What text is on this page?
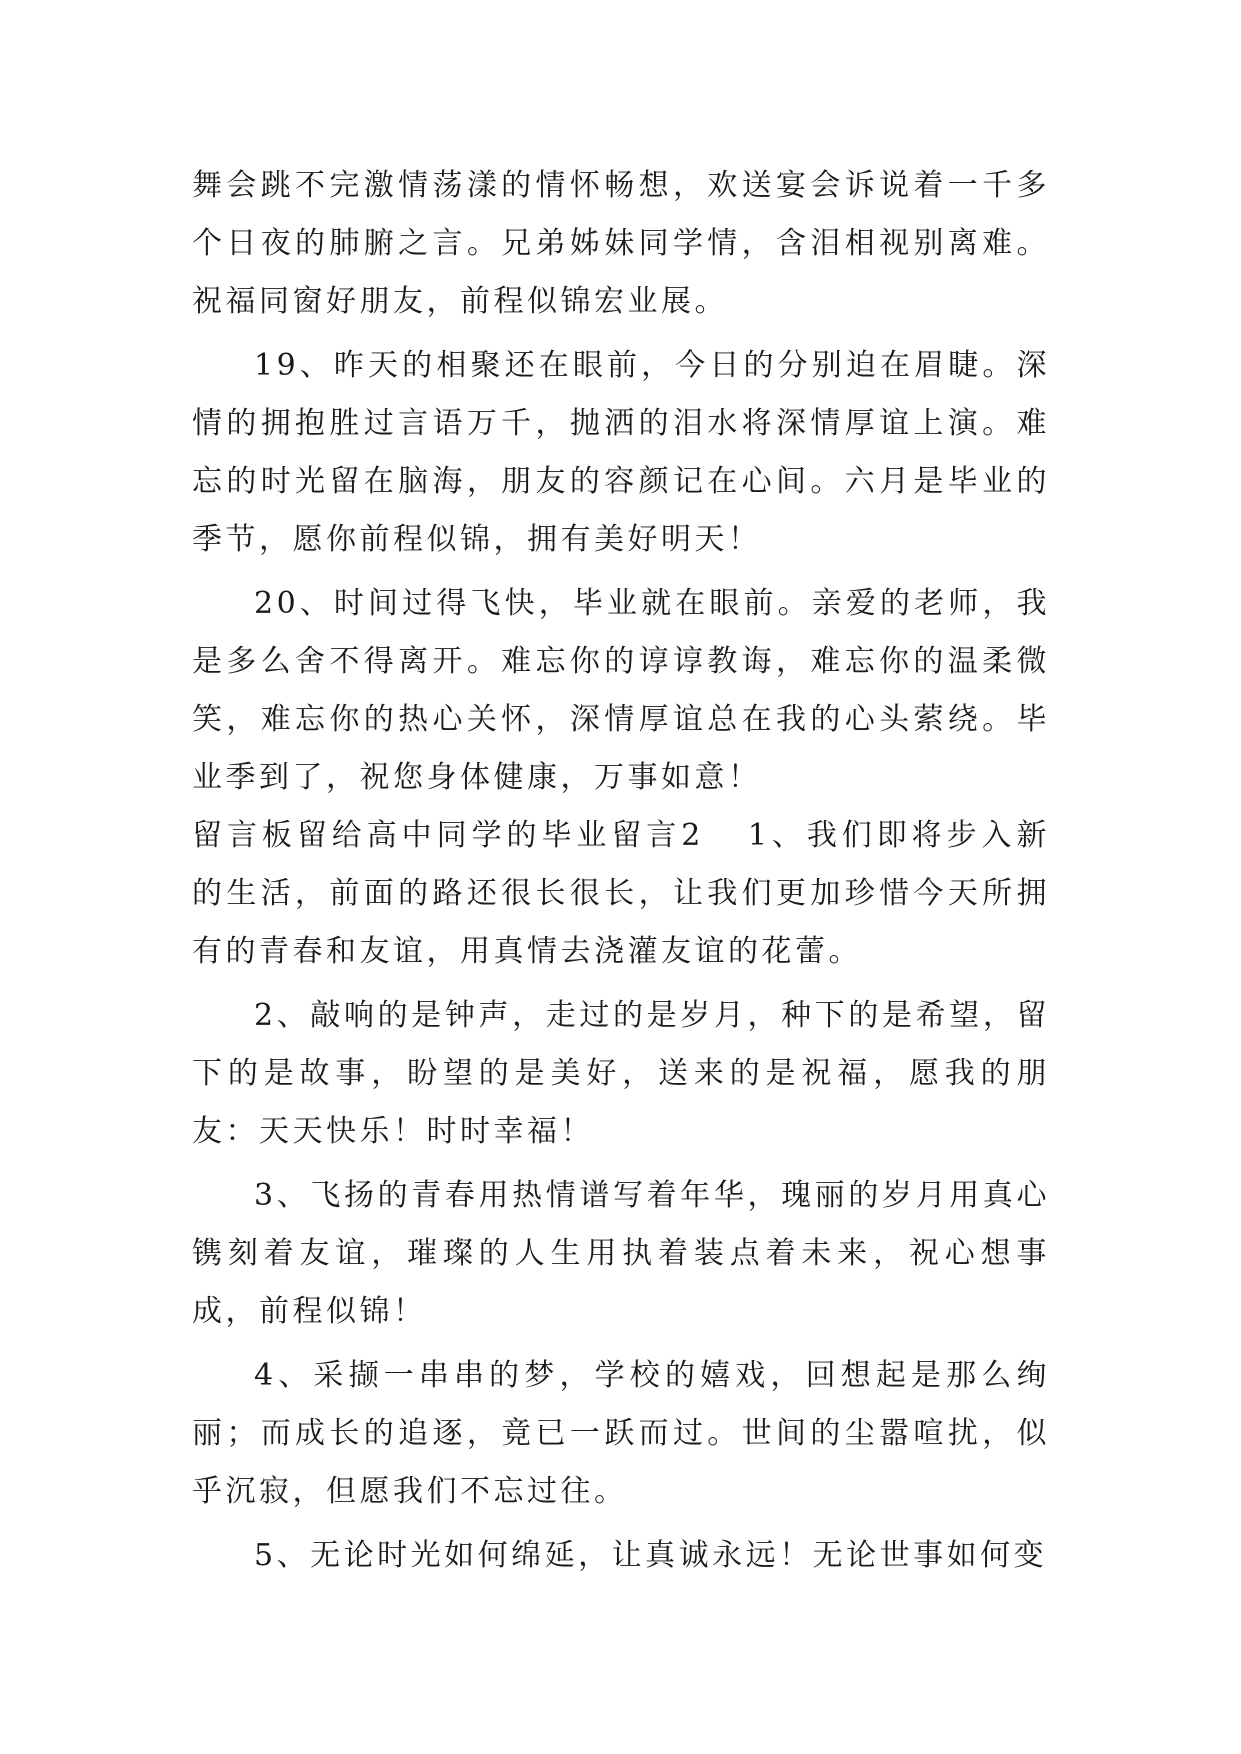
舞会跳不完激情荡漾的情怀畅想，欢送宴会诉说着一千多个日夜的肺腑之言。兄弟姊妹同学情，含泪相视别离难。祝福同窗好朋友，前程似锦宏业展。

19、昨天的相聚还在眼前，今日的分别迫在眉睫。深情的拥抱胜过言语万千，抛洒的泪水将深情厚谊上演。难忘的时光留在脑海，朋友的容颜记在心间。六月是毕业的季节，愿你前程似锦，拥有美好明天！

20、时间过得飞快，毕业就在眼前。亲爱的老师，我是多么舍不得离开。难忘你的谆谆教诲，难忘你的温柔微笑，难忘你的热心关怀，深情厚谊总在我的心头萦绕。毕业季到了，祝您身体健康，万事如意！

留言板留给高中同学的毕业留言2 1、我们即将步入新的生活，前面的路还很长很长，让我们更加珍惜今天所拥有的青春和友谊，用真情去浇灌友谊的花蕾。

2、敲响的是钟声，走过的是岁月，种下的是希望，留下的是故事，盼望的是美好，送来的是祝福，愿我的朋友：天天快乐！时时幸福！

3、飞扬的青春用热情谱写着年华，瑰丽的岁月用真心镌刻着友谊，璀璨的人生用执着装点着未来，祝心想事成，前程似锦！

4、采撷一串串的梦，学校的嬉戏，回想起是那么绚丽；而成长的追逐，竟已一跃而过。世间的尘嚣喧扰，似乎沉寂，但愿我们不忘过往。

5、无论时光如何绵延，让真诚永远！无论世事如何变
